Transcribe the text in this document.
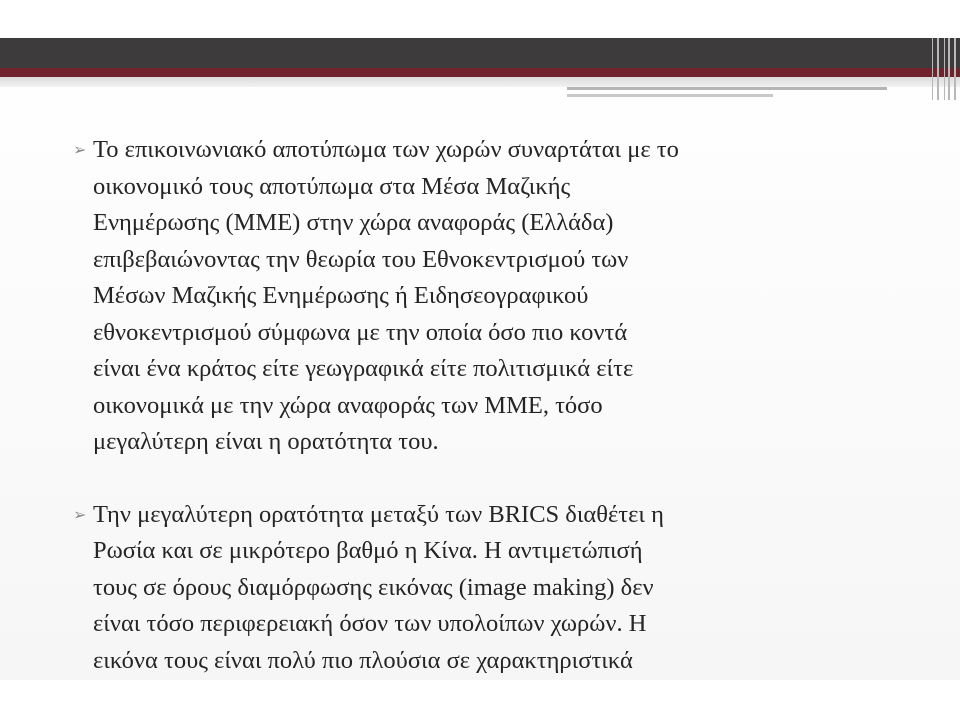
➢ Το επικοινωνιακό αποτύπωμα των χωρών συναρτάται με το
οικονομικό τους αποτύπωμα στα Μέσα Μαζικής
Ενημέρωσης (ΜΜΕ) στην χώρα αναφοράς (Ελλάδα)
επιβεβαιώνοντας την θεωρία του Εθνοκεντρισμού των
Μέσων Μαζικής Ενημέρωσης ή Ειδησεογραφικού
εθνοκεντρισμού σύμφωνα με την οποία όσο πιο κοντά
είναι ένα κράτος είτε γεωγραφικά είτε πολιτισμικά είτε
οικονομικά με την χώρα αναφοράς των ΜΜΕ, τόσο
μεγαλύτερη είναι η ορατότητα του.
➢ Την μεγαλύτερη ορατότητα μεταξύ των BRICS διαθέτει η
Ρωσία και σε μικρότερο βαθμό η Κίνα. Η αντιμετώπισή
τους σε όρους διαμόρφωσης εικόνας (image making) δεν
είναι τόσο περιφερειακή όσον των υπολοίπων χωρών. Η
εικόνα τους είναι πολύ πιο πλούσια σε χαρακτηριστικά
